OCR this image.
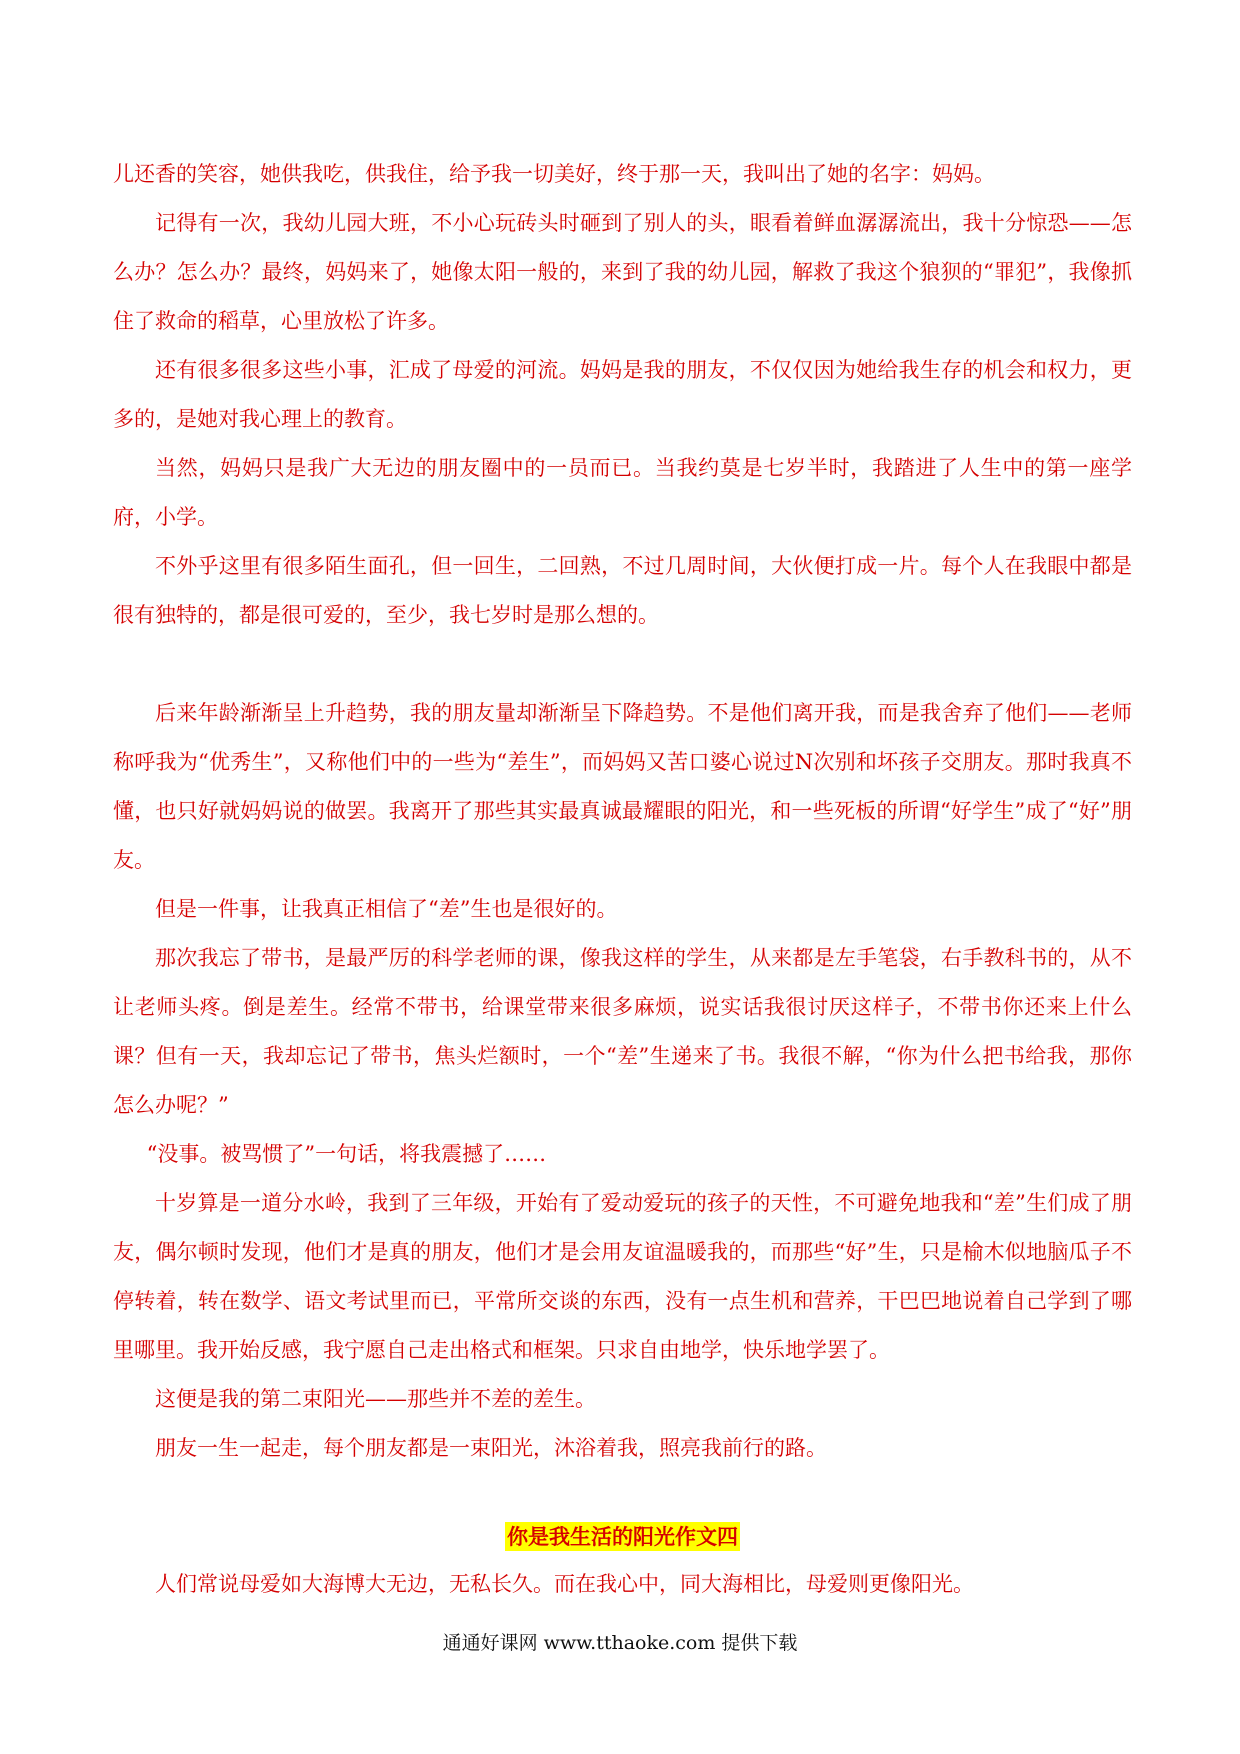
儿还香的笑容，她供我吃，供我住，给予我一切美好，终于那一天，我叫出了她的名字：妈妈。

记得有一次，我幼儿园大班，不小心玩砖头时砸到了别人的头，眼看着鲜血潺潺流出，我十分惊恐——怎么办？怎么办？最终，妈妈来了，她像太阳一般的，来到了我的幼儿园，解救了我这个狼狈的“罪犯”，我像抓住了救命的稻草，心里放松了许多。

还有很多很多这些小事，汇成了母爱的河流。妈妈是我的朋友，不仅仅因为她给我生存的机会和权力，更多的，是她对我心理上的教育。

当然，妈妈只是我广大无边的朋友圈中的一员而已。当我约莫是七岁半时，我踏进了人生中的第一座学府，小学。

不外乎这里有很多陌生面孔，但一回生，二回熟，不过几周时间，大伙便打成一片。每个人在我眼中都是很有独特的，都是很可爱的，至少，我七岁时是那么想的。

后来年龄渐渐呈上升趋势，我的朋友量却渐渐呈下降趋势。不是他们离开我，而是我舍弃了他们——老师称呼我为“优秀生”，又称他们中的一些为“差生”，而妈妈又苦口婆心说过N次别和坏孩子交朋友。那时我真不懂，也只好就妈妈说的做罢。我离开了那些其实最真诚最耀眼的阳光，和一些死板的所谓“好学生”成了“好”朋友。

但是一件事，让我真正相信了“差”生也是很好的。

那次我忘了带书，是最严厉的科学老师的课，像我这样的学生，从来都是左手笔袋，右手教科书的，从不让老师头疼。倒是差生。经常不带书，给课堂带来很多麻烦，说实话我很讨厌这样子，不带书你还来上什么课？但有一天，我却忘记了带书，焦头烂额时，一个“差”生递来了书。我很不解，“你为什么把书给我，那你怎么办呢？”

“没事。被骂惯了”一句话，将我震撼了……

十岁算是一道分水岭，我到了三年级，开始有了爱动爱玩的孩子的天性，不可避免地我和“差”生们成了朋友，偶尔顿时发现，他们才是真的朋友，他们才是会用友谊温暖我的，而那些“好”生，只是榆木似地脑瓜子不停转着，转在数学、语文考试里而已，平常所交谈的东西，没有一点生机和营养，干巴巴地说着自己学到了哪里哪里。我开始反感，我宁愿自己走出格式和框架。只求自由地学，快乐地学罢了。

这便是我的第二束阳光——那些并不差的差生。

朋友一生一起走，每个朋友都是一束阳光，沐浴着我，照亮我前行的路。

你是我生活的阳光作文四

人们常说母爱如大海博大无边，无私长久。而在我心中，同大海相比，母爱则更像阳光。

通通好课网 www.tthaoke.com 提供下载
